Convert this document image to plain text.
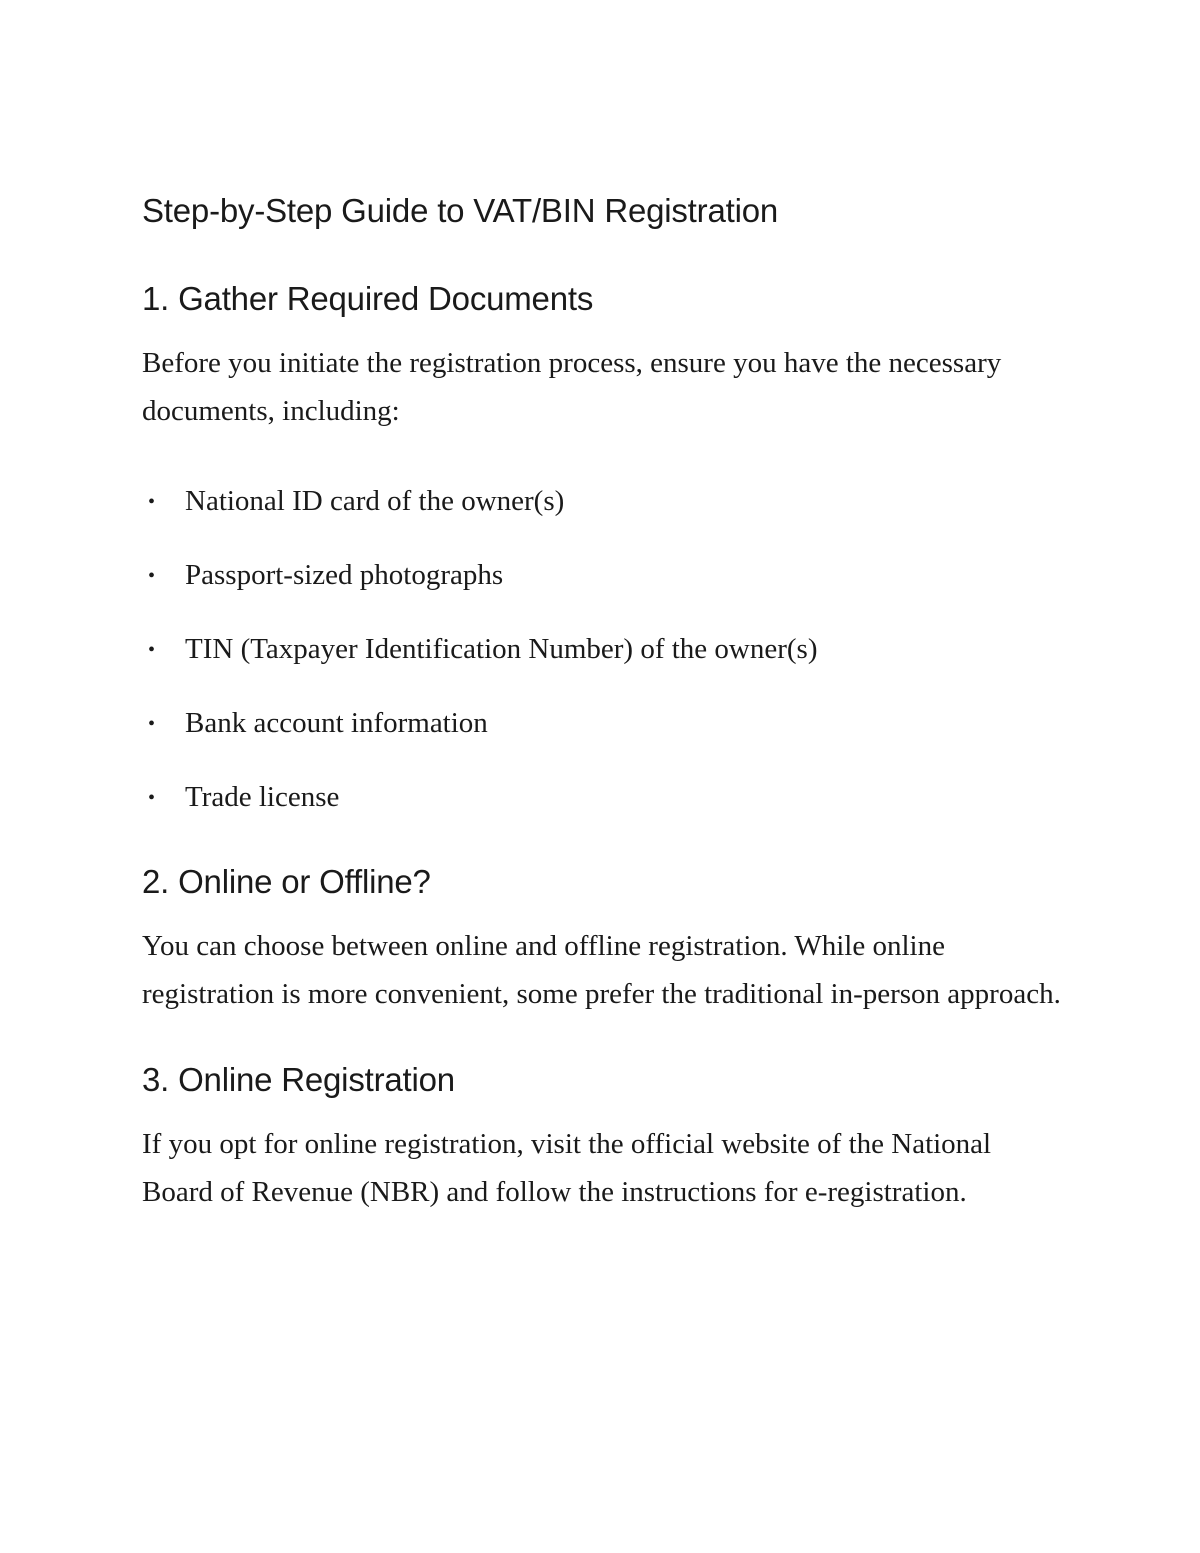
Step-by-Step Guide to VAT/BIN Registration
1. Gather Required Documents

Before you initiate the registration process, ensure you have the necessary documents, including:

• National ID card of the owner(s)
• Passport-sized photographs
• TIN (Taxpayer Identification Number) of the owner(s)
• Bank account information
• Trade license
2. Online or Offline?

You can choose between online and offline registration. While online registration is more convenient, some prefer the traditional in-person approach.

3. Online Registration

If you opt for online registration, visit the official website of the National Board of Revenue (NBR) and follow the instructions for e-registration.
